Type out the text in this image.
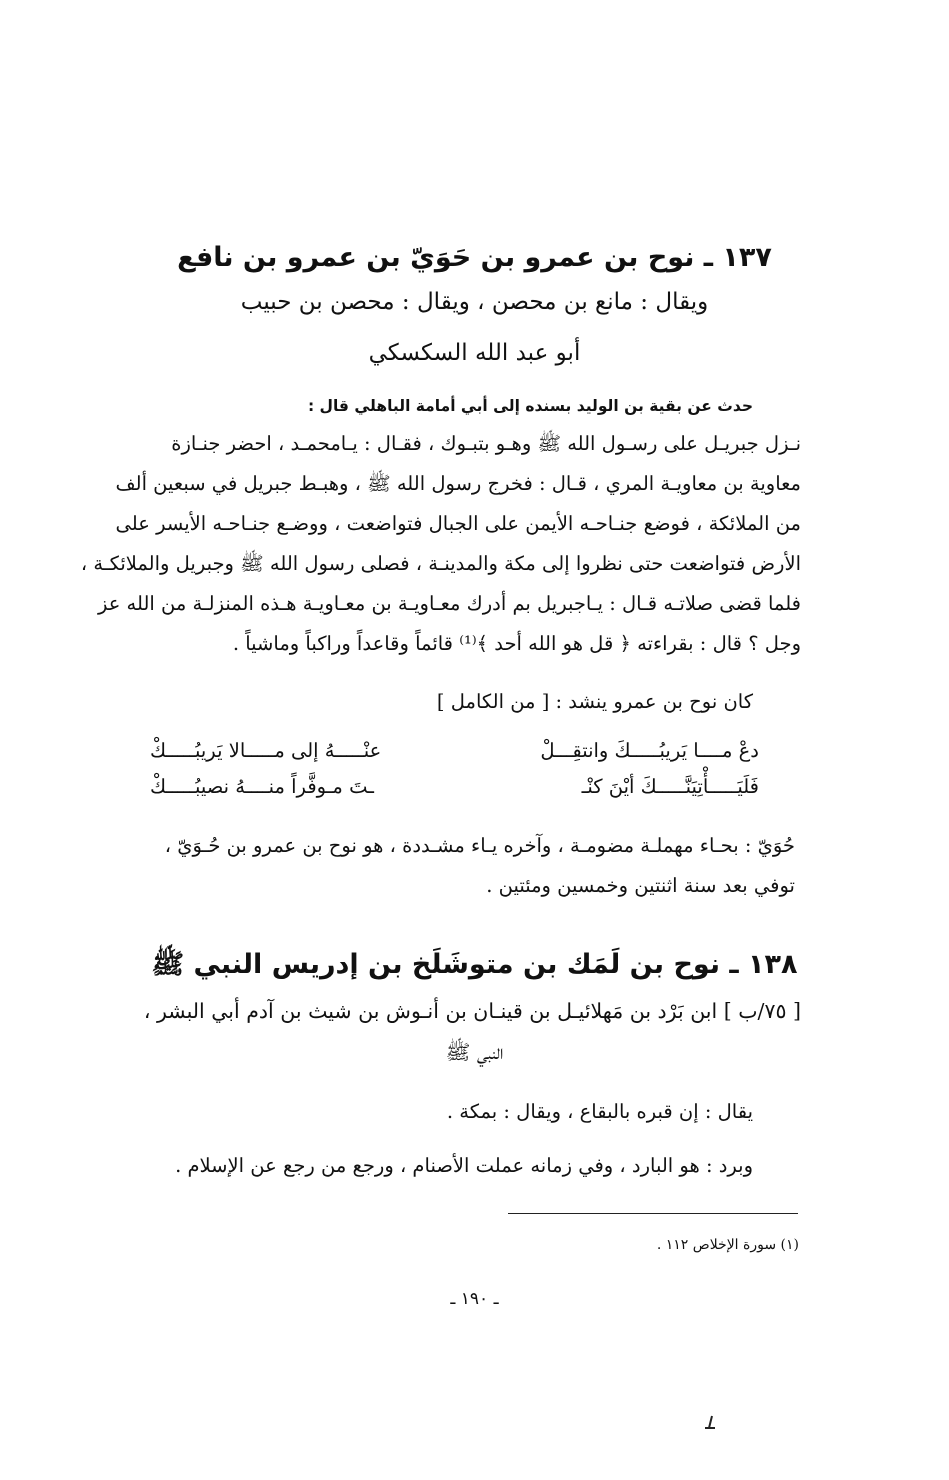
١٣٧ ـ نوح بن عمرو بن حَوَيّ بن عمرو بن نافع
ويقال : مانع بن محصن ، ويقال : محصن بن حبيب
أبو عبد الله السكسكي
حدث عن بقية بن الوليد بسنده إلى أبي أمامة الباهلي قال :
نـزل جبريـل على رسـول الله ﷺ وهـو بتبـوك ، فقـال : يـامحمـد ، احضر جنـازة
معاوية بن معاويـة المري ، قـال : فخرج رسول الله ﷺ ، وهبـط جبريل في سبعين ألف
من الملائكة ، فوضع جنـاحـه الأيمن على الجبال فتواضعت ، ووضـع جنـاحـه الأيسر على
الأرض فتواضعت حتى نظروا إلى مكة والمدينـة ، فصلى رسول الله ﷺ وجبريل والملائكـة ،
فلما قضى صلاتـه قـال : يـاجبريل بم أدرك معـاويـة بن معـاويـة هـذه المنزلـة من الله عز
وجل ؟ قال : بقراءته ﴿ قل هو الله أحد ﴾⁽¹⁾ قائماً وقاعداً وراكباً وماشياً .
كان نوح بن عمرو ينشد : [ من الكامل ]
دعْ مــــا يَريبُـــــكَ وانتقِـــلْ
عنْـــــهُ إلى مـــــالا يَريبُـــــكْ
فَلَيَـــــأْتِيَنَّـــــكَ أيْنَ كنْـ
ـتَ مـوفَّراً منــــهُ نصيبُـــــكْ
حُوَيّ : بحـاء مهملـة مضومـة ، وآخره يـاء مشـددة ، هو نوح بن عمرو بن حُـوَيّ ،
توفي بعد سنة اثنتين وخمسين ومئتين .
١٣٨ ـ نوح بن لَمَك بن متوشَلَخ بن إدريس النبي ﷺ
[ ٧٥/ب ] ابن بَرْد بن مَهلائيـل بن قينـان بن أنـوش بن شيث بن آدم أبي البشر ،
النبي ﷺ
يقال : إن قبره بالبقاع ، ويقال : بمكة .
وبرد : هو البارد ، وفي زمانه عملت الأصنام ، ورجع من رجع عن الإسلام .
(١) سورة الإخلاص ١١٢ .
ـ ١٩٠ ـ
